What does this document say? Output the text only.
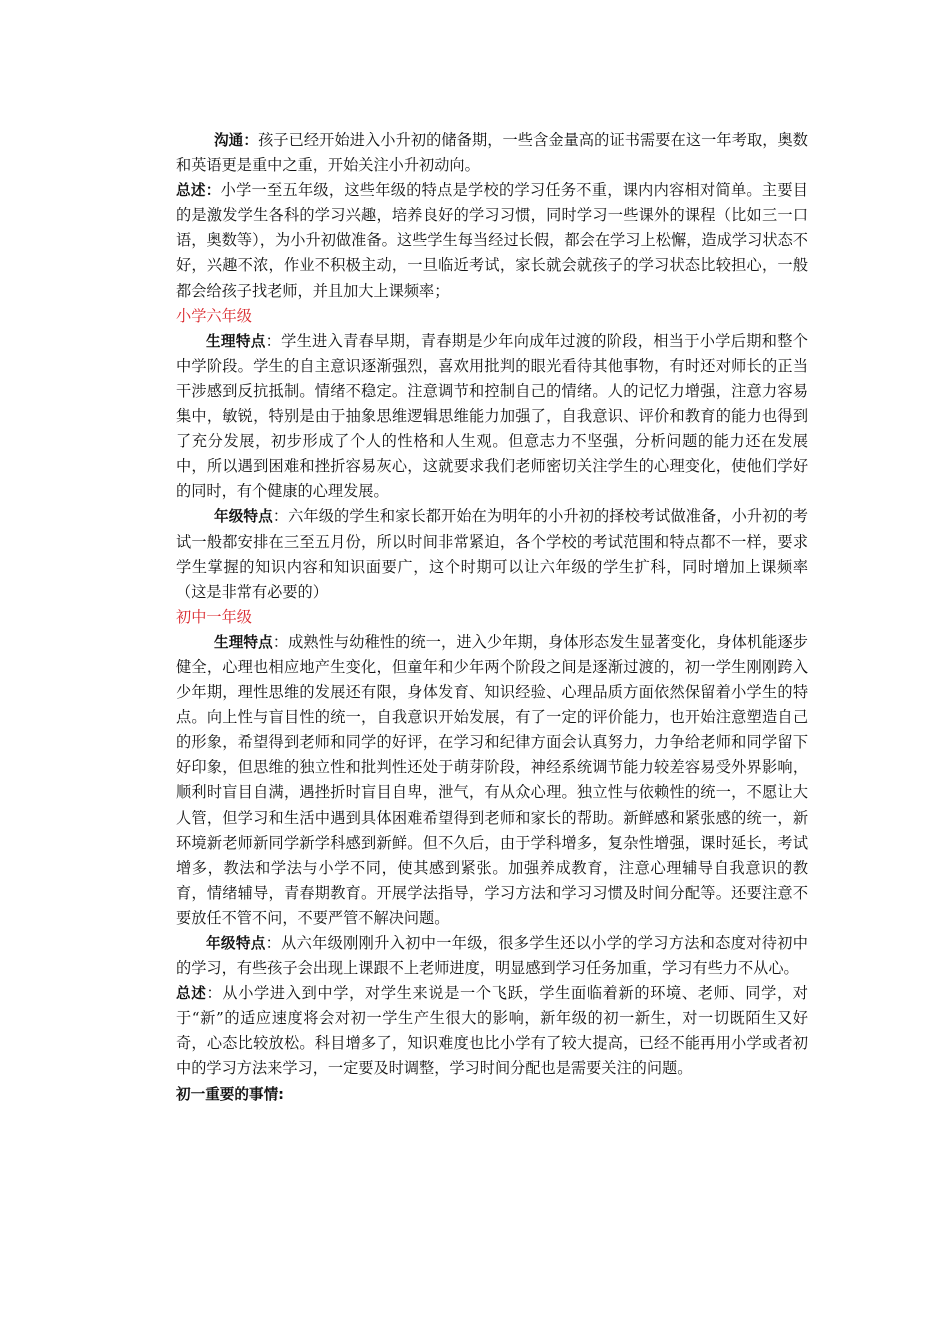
沟通：孩子已经开始进入小升初的储备期，一些含金量高的证书需要在这一年考取，奥数和英语更是重中之重，开始关注小升初动向。

总述：小学一至五年级，这些年级的特点是学校的学习任务不重，课内内容相对简单。主要目的是激发学生各科的学习兴趣，培养良好的学习习惯，同时学习一些课外的课程（比如三一口语，奥数等），为小升初做准备。这些学生每当经过长假，都会在学习上松懈，造成学习状态不好，兴趣不浓，作业不积极主动，一旦临近考试，家长就会就孩子的学习状态比较担心，一般都会给孩子找老师，并且加大上课频率；

小学六年级

生理特点：学生进入青春早期，青春期是少年向成年过渡的阶段，相当于小学后期和整个中学阶段。学生的自主意识逐渐强烈，喜欢用批判的眼光看待其他事物，有时还对师长的正当干涉感到反抗抵制。情绪不稳定。注意调节和控制自己的情绪。人的记忆力增强，注意力容易集中，敏锐，特别是由于抽象思维逻辑思维能力加强了，自我意识、评价和教育的能力也得到了充分发展，初步形成了个人的性格和人生观。但意志力不坚强，分析问题的能力还在发展中，所以遇到困难和挫折容易灰心，这就要求我们老师密切关注学生的心理变化，使他们学好的同时，有个健康的心理发展。

年级特点：六年级的学生和家长都开始在为明年的小升初的择校考试做准备，小升初的考试一般都安排在三至五月份，所以时间非常紧迫，各个学校的考试范围和特点都不一样，要求学生掌握的知识内容和知识面要广，这个时期可以让六年级的学生扩科，同时增加上课频率（这是非常有必要的）

初中一年级

生理特点：成熟性与幼稚性的统一，进入少年期，身体形态发生显著变化，身体机能逐步健全，心理也相应地产生变化，但童年和少年两个阶段之间是逐渐过渡的，初一学生刚刚跨入少年期，理性思维的发展还有限，身体发育、知识经验、心理品质方面依然保留着小学生的特点。向上性与盲目性的统一，自我意识开始发展，有了一定的评价能力，也开始注意塑造自己的形象，希望得到老师和同学的好评，在学习和纪律方面会认真努力，力争给老师和同学留下好印象，但思维的独立性和批判性还处于萌芽阶段，神经系统调节能力较差容易受外界影响，顺利时盲目自满，遇挫折时盲目自卑，泄气，有从众心理。独立性与依赖性的统一，不愿让大人管，但学习和生活中遇到具体困难希望得到老师和家长的帮助。新鲜感和紧张感的统一，新环境新老师新同学新学科感到新鲜。但不久后，由于学科增多，复杂性增强，课时延长，考试增多，教法和学法与小学不同，使其感到紧张。加强养成教育，注意心理辅导自我意识的教育，情绪辅导，青春期教育。开展学法指导，学习方法和学习习惯及时间分配等。还要注意不要放任不管不问，不要严管不解决问题。

年级特点：从六年级刚刚升入初中一年级，很多学生还以小学的学习方法和态度对待初中的学习，有些孩子会出现上课跟不上老师进度，明显感到学习任务加重，学习有些力不从心。

总述：从小学进入到中学，对学生来说是一个飞跃，学生面临着新的环境、老师、同学，对于“新”的适应速度将会对初一学生产生很大的影响，新年级的初一新生，对一切既陌生又好奇，心态比较放松。科目增多了，知识难度也比小学有了较大提高，已经不能再用小学或者初中的学习方法来学习，一定要及时调整，学习时间分配也是需要关注的问题。

初一重要的事情:
